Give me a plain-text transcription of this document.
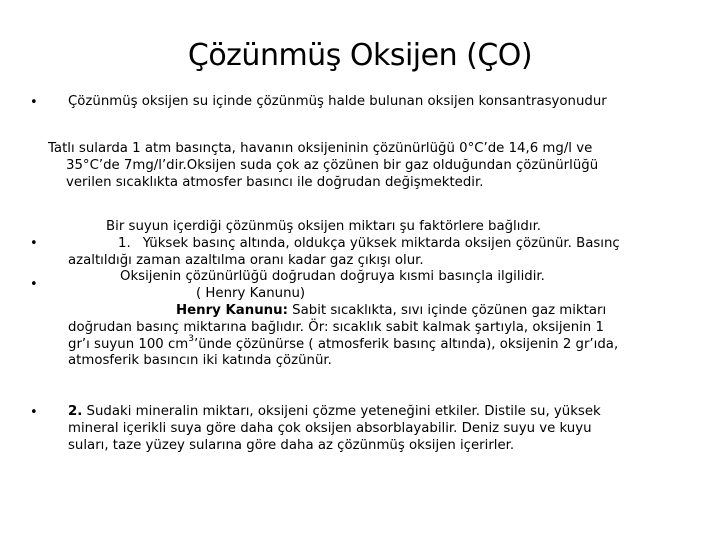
Çözünmüş Oksijen (ÇO)
• Çözünmüş oksijen su içinde çözünmüş halde bulunan oksijen konsantrasyonudur
Tatlı sularda 1 atm basınçta, havanın oksijeninin çözünürlüğü 0°C’de 14,6 mg/l ve
35°C’de 7mg/l’dir.Oksijen suda çok az çözünen bir gaz olduğundan çözünürlüğü
verilen sıcaklıkta atmosfer basıncı ile doğrudan değişmektedir.
•
•
Bir suyun içerdiği çözünmüş oksijen miktarı şu faktörlere bağlıdır.
1. Yüksek basınç altında, oldukça yüksek miktarda oksijen çözünür. Basınç
azaltıldığı zaman azaltılma oranı kadar gaz çıkışı olur.
Oksijenin çözünürlüğü doğrudan doğruya kısmi basınçla ilgilidir.
( Henry Kanunu)
Henry Kanunu: Sabit sıcaklıkta, sıvı içinde çözünen gaz miktarı
doğrudan basınç miktarına bağlıdır. Ör: sıcaklık sabit kalmak şartıyla, oksijenin 1
gr’ı suyun 100 $cm^3’ünde$ çözünürse ( atmosferik basınç altında), oksijenin 2 gr’ıda,
atmosferik basıncın iki katında çözünür.
• 2. Sudaki mineralin miktarı, oksijeni çözme yeteneğini etkiler. Distile su, yüksek
mineral içerikli suya göre daha çok oksijen absorblayabilir. Deniz suyu ve kuyu
suları, taze yüzey sularına göre daha az çözünmüş oksijen içerirler.
